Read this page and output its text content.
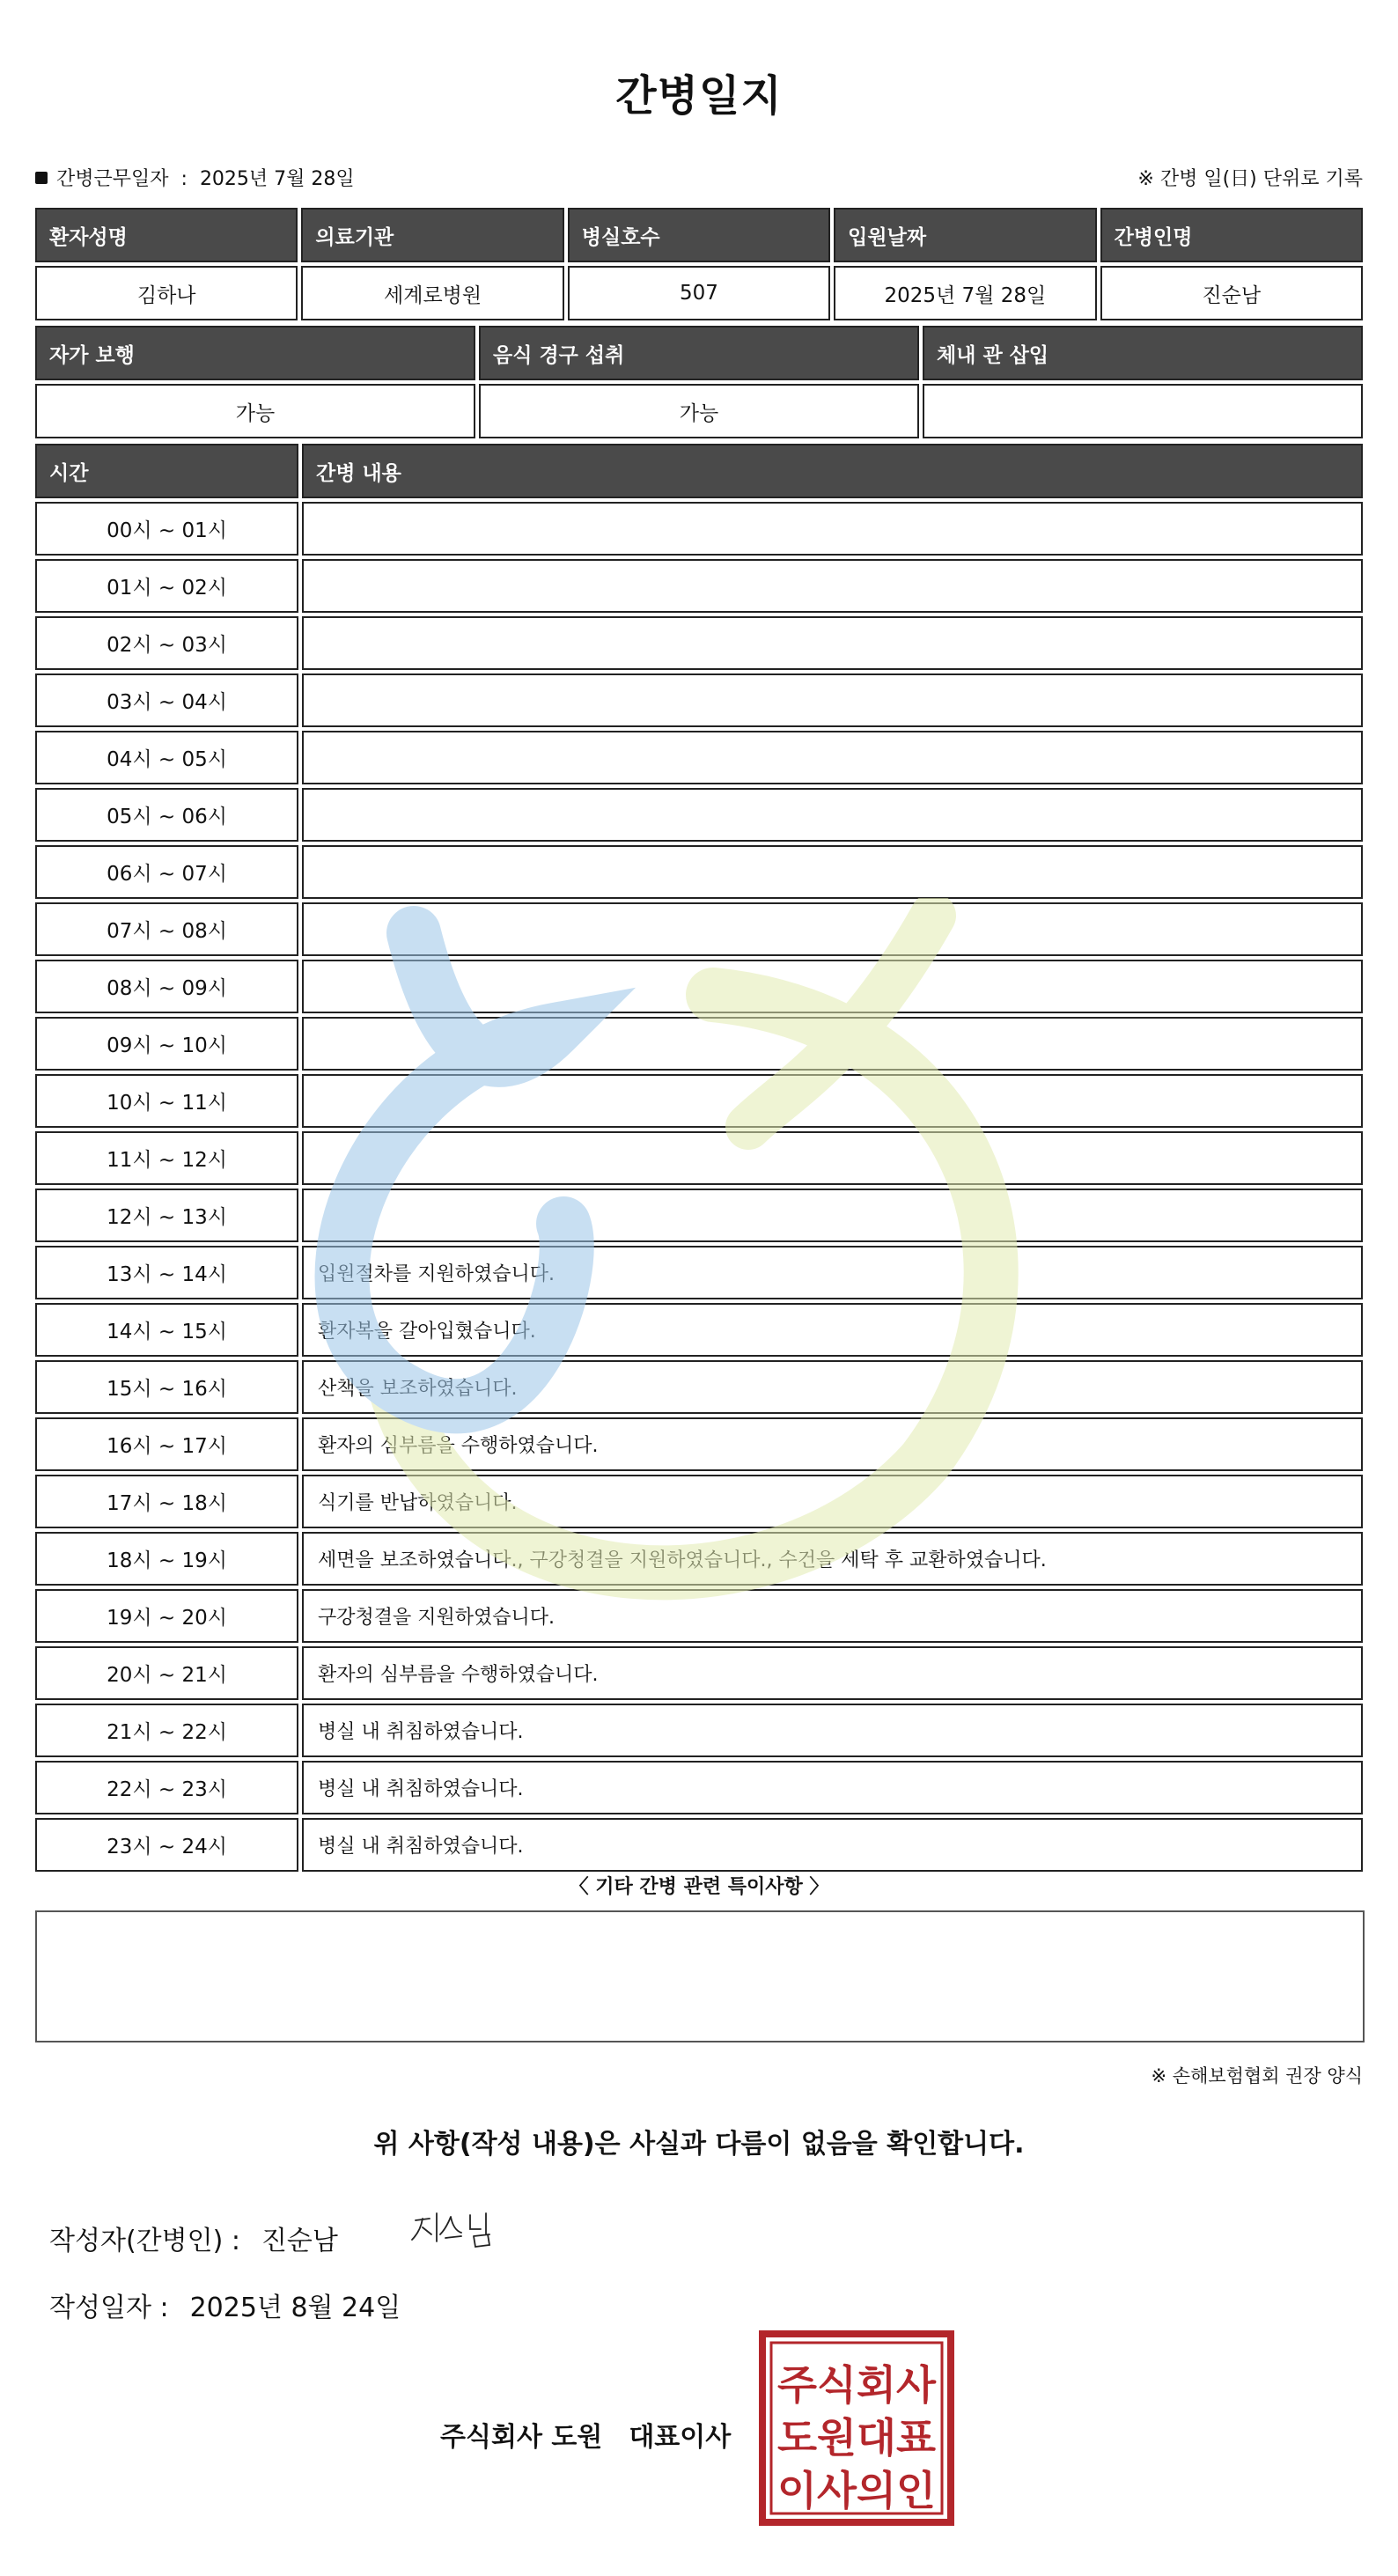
간병일지
간병근무일자 : 2025년 7월 28일	※ 간병 일(日) 단위로 기록
환자성명	의료기관	병실호수	입원날짜	간병인명
김하나	세계로병원	507	2025년 7월 28일	진순남
자가 보행	음식 경구 섭취	체내 관 삽입
가능	가능	
시간	간병 내용
00시 ~ 01시	
01시 ~ 02시	
02시 ~ 03시	
03시 ~ 04시	
04시 ~ 05시	
05시 ~ 06시	
06시 ~ 07시	
07시 ~ 08시	
08시 ~ 09시	
09시 ~ 10시	
10시 ~ 11시	
11시 ~ 12시	
12시 ~ 13시	
13시 ~ 14시	입원절차를 지원하였습니다.
14시 ~ 15시	환자복을 갈아입혔습니다.
15시 ~ 16시	산책을 보조하였습니다.
16시 ~ 17시	환자의 심부름을 수행하였습니다.
17시 ~ 18시	식기를 반납하였습니다.
18시 ~ 19시	세면을 보조하였습니다., 구강청결을 지원하였습니다., 수건을 세탁 후 교환하였습니다.
19시 ~ 20시	구강청결을 지원하였습니다.
20시 ~ 21시	환자의 심부름을 수행하였습니다.
21시 ~ 22시	병실 내 취침하였습니다.
22시 ~ 23시	병실 내 취침하였습니다.
23시 ~ 24시	병실 내 취침하였습니다.
〈 기타 간병 관련 특이사항 〉
※ 손해보험협회 권장 양식
위 사항(작성 내용)은 사실과 다름이 없음을 확인합니다.
작성자(간병인) : 진순남
작성일자 : 2025년 8월 24일
주식회사 도원 대표이사
주식회사
도원대표
이사의인
